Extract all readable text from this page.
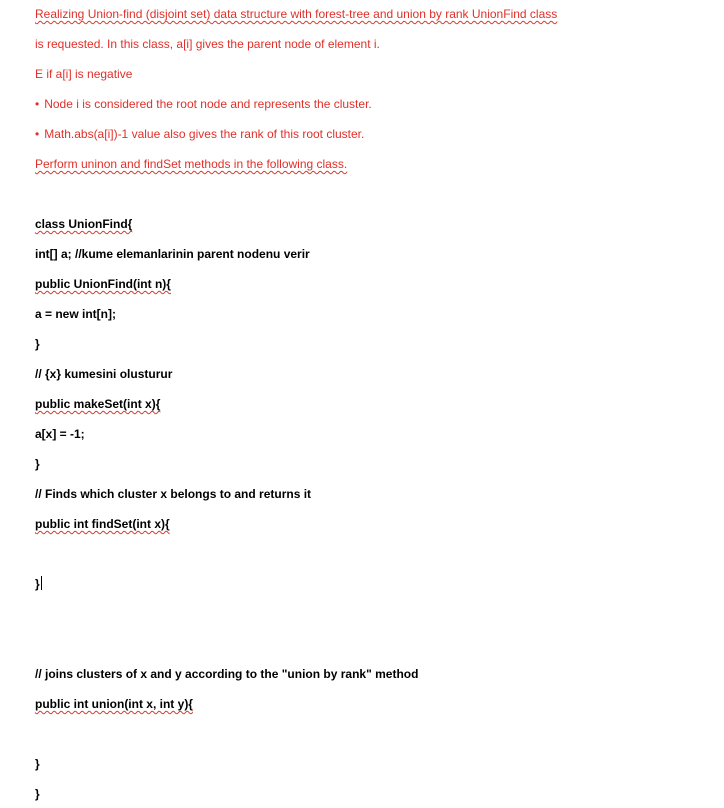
Realizing Union-find (disjoint set) data structure with forest-tree and union by rank UnionFind class
is requested. In this class, a[i] gives the parent node of element i.
E if a[i] is negative
• Node i is considered the root node and represents the cluster.
• Math.abs(a[i])-1 value also gives the rank of this root cluster.
Perform uninon and findSet methods in the following class.
class UnionFind{
int[] a; //kume elemanlarinin parent nodenu verir
public UnionFind(int n){
a = new int[n];
}
// {x} kumesini olusturur
public makeSet(int x){
a[x] = -1;
}
// Finds which cluster x belongs to and returns it
public int findSet(int x){
}
// joins clusters of x and y according to the "union by rank" method
public int union(int x, int y){
}
}
